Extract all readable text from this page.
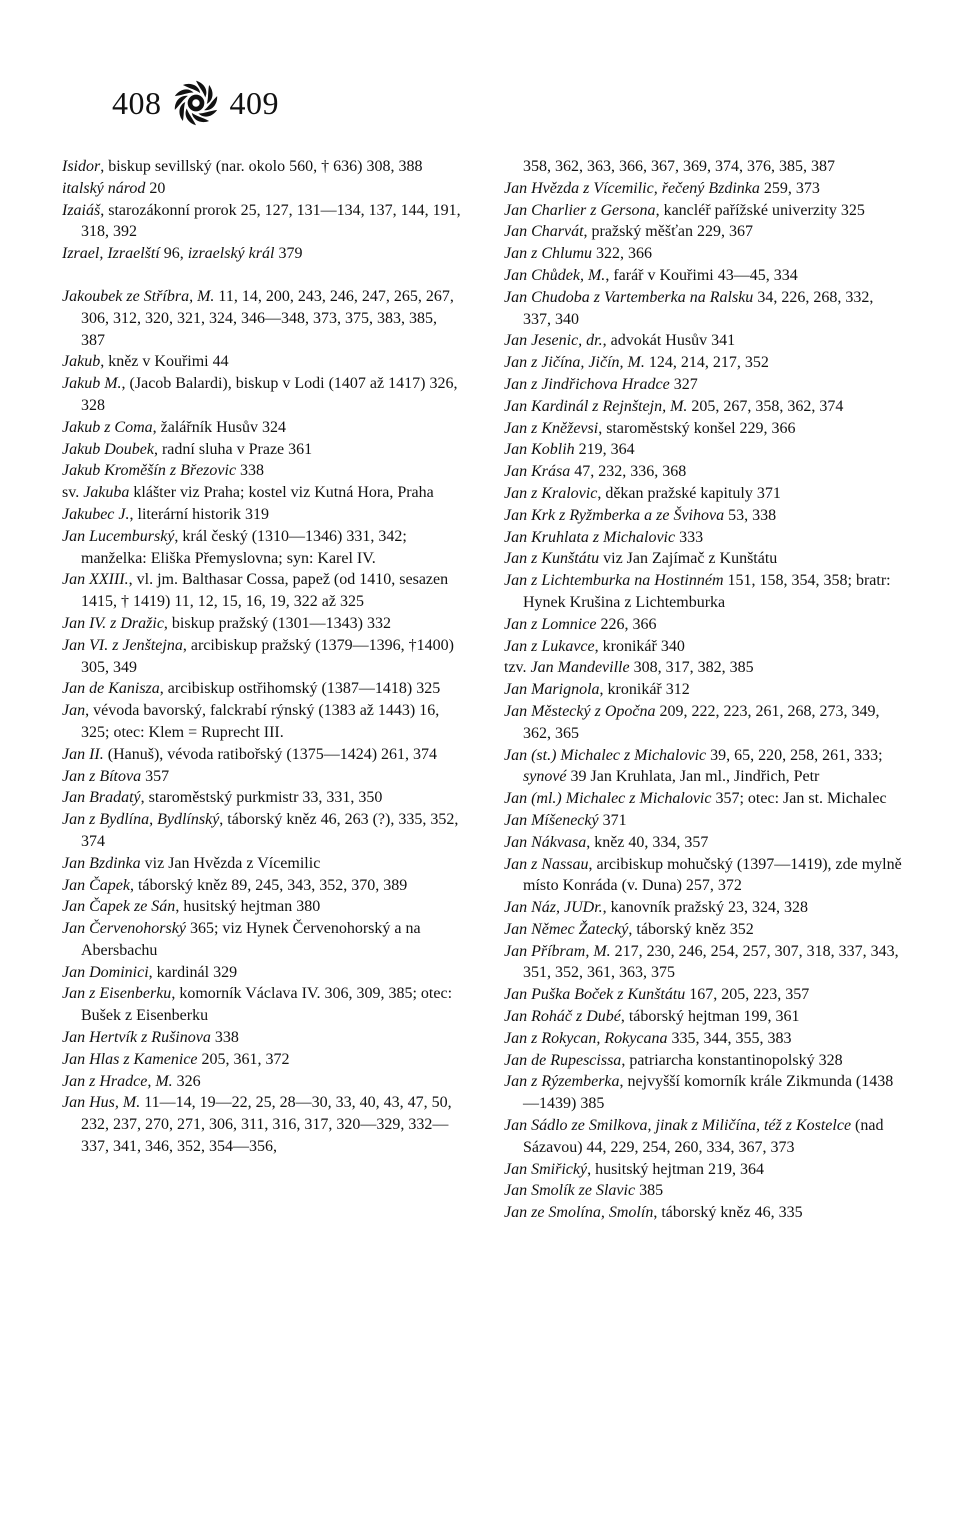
408 409

Isidor, biskup sevillský (nar. okolo 560, † 636) 308, 388

italský národ 20

Izaiáš, starozákonní prorok 25, 127, 131—134, 137, 144, 191, 318, 392

Izrael, Izraelští 96, izraelský král 379

Jakoubek ze Stříbra, M. 11, 14, 200, 243, 246, 247, 265, 267, 306, 312, 320, 321, 324, 346—348, 373, 375, 383, 385, 387

Jakub, kněz v Kouřimi 44

Jakub M., (Jacob Balardi), biskup v Lodi (1407 až 1417) 326, 328

Jakub z Coma, žalářník Husův 324

Jakub Doubek, radní sluha v Praze 361

Jakub Kroměšín z Březovic 338

sv. Jakuba klášter viz Praha; kostel viz Kutná Hora, Praha

Jakubec J., literární historik 319

Jan Lucemburský, král český (1310—1346) 331, 342; manželka: Eliška Přemyslovna; syn: Karel IV.

Jan XXIII., vl. jm. Balthasar Cossa, papež (od 1410, sesazen 1415, † 1419) 11, 12, 15, 16, 19, 322 až 325

Jan IV. z Dražic, biskup pražský (1301—1343) 332

Jan VI. z Jenštejna, arcibiskup pražský (1379—1396, †1400) 305, 349

Jan de Kanisza, arcibiskup ostřihomský (1387—1418) 325

Jan, vévoda bavorský, falckrabí rýnský (1383 až 1443) 16, 325; otec: Klem = Ruprecht III.

Jan II. (Hanuš), vévoda ratibořský (1375—1424) 261, 374

Jan z Bítova 357

Jan Bradatý, staroměstský purkmistr 33, 331, 350

Jan z Bydlína, Bydlínský, táborský kněz 46, 263 (?), 335, 352, 374

Jan Bzdinka viz Jan Hvězda z Vícemilic

Jan Čapek, táborský kněz 89, 245, 343, 352, 370, 389

Jan Čapek ze Sán, husitský hejtman 380

Jan Červenohorský 365; viz Hynek Červenohorský a na Abersbachu

Jan Dominici, kardinál 329

Jan z Eisenberku, komorník Václava IV. 306, 309, 385; otec: Bušek z Eisenberku

Jan Hertvík z Rušinova 338

Jan Hlas z Kamenice 205, 361, 372

Jan z Hradce, M. 326

Jan Hus, M. 11—14, 19—22, 25, 28—30, 33, 40, 43, 47, 50, 232, 237, 270, 271, 306, 311, 316, 317, 320—329, 332—337, 341, 346, 352, 354—356,

358, 362, 363, 366, 367, 369, 374, 376, 385, 387

Jan Hvězda z Vícemilic, řečený Bzdinka 259, 373

Jan Charlier z Gersona, kancléř pařížské univerzity 325

Jan Charvát, pražský měšťan 229, 367

Jan z Chlumu 322, 366

Jan Chůdek, M., farář v Kouřimi 43—45, 334

Jan Chudoba z Vartemberka na Ralsku 34, 226, 268, 332, 337, 340

Jan Jesenic, dr., advokát Husův 341

Jan z Jičína, Jičín, M. 124, 214, 217, 352

Jan z Jindřichova Hradce 327

Jan Kardinál z Rejnštejn, M. 205, 267, 358, 362, 374

Jan z Kněževsi, staroměstský konšel 229, 366

Jan Koblih 219, 364

Jan Krása 47, 232, 336, 368

Jan z Kralovic, děkan pražské kapituly 371

Jan Krk z Ryžmberka a ze Švihova 53, 338

Jan Kruhlata z Michalovic 333

Jan z Kunštátu viz Jan Zajímač z Kunštátu

Jan z Lichtemburka na Hostinném 151, 158, 354, 358; bratr: Hynek Krušina z Lichtemburka

Jan z Lomnice 226, 366

Jan z Lukavce, kronikář 340

tzv. Jan Mandeville 308, 317, 382, 385

Jan Marignola, kronikář 312

Jan Městecký z Opočna 209, 222, 223, 261, 268, 273, 349, 362, 365

Jan (st.) Michalec z Michalovic 39, 65, 220, 258, 261, 333; synové 39 Jan Kruhlata, Jan ml., Jindřich, Petr

Jan (ml.) Michalec z Michalovic 357; otec: Jan st. Michalec

Jan Míšenecký 371

Jan Nákvasa, kněz 40, 334, 357

Jan z Nassau, arcibiskup mohučský (1397—1419), zde mylně místo Konráda (v. Duna) 257, 372

Jan Náz, JUDr., kanovník pražský 23, 324, 328

Jan Němec Žatecký, táborský kněz 352

Jan Příbram, M. 217, 230, 246, 254, 257, 307, 318, 337, 343, 351, 352, 361, 363, 375

Jan Puška Boček z Kunštátu 167, 205, 223, 357

Jan Roháč z Dubé, táborský hejtman 199, 361

Jan z Rokycan, Rokycana 335, 344, 355, 383

Jan de Rupescissa, patriarcha konstantinopolský 328

Jan z Rýzemberka, nejvyšší komorník krále Zikmunda (1438—1439) 385

Jan Sádlo ze Smilkova, jinak z Miličína, též z Kostelce (nad Sázavou) 44, 229, 254, 260, 334, 367, 373

Jan Smiřický, husitský hejtman 219, 364

Jan Smolík ze Slavic 385

Jan ze Smolína, Smolín, táborský kněz 46, 335
